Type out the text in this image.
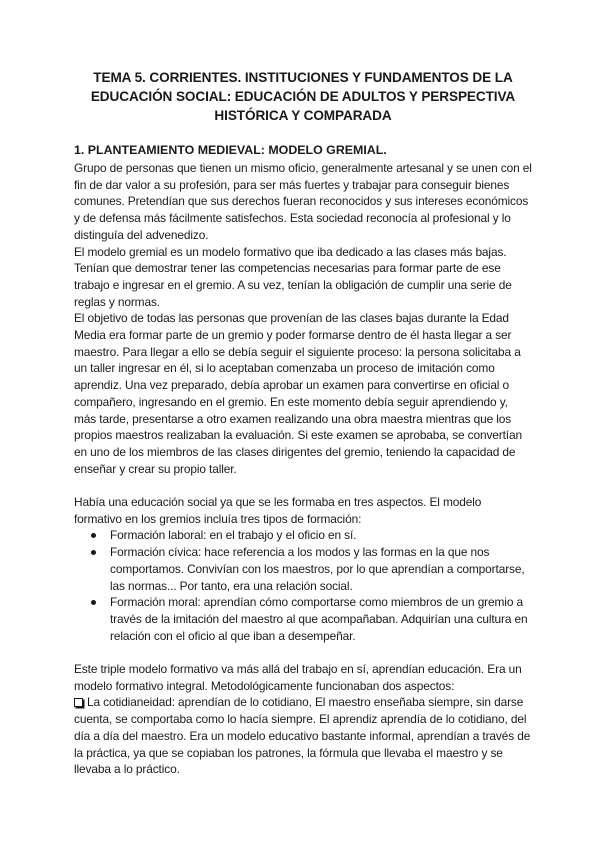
TEMA 5. CORRIENTES. INSTITUCIONES Y FUNDAMENTOS DE LA EDUCACIÓN SOCIAL: EDUCACIÓN DE ADULTOS Y PERSPECTIVA HISTÓRICA Y COMPARADA
1. PLANTEAMIENTO MEDIEVAL: MODELO GREMIAL.

Grupo de personas que tienen un mismo oficio, generalmente artesanal y se unen con el fin de dar valor a su profesión, para ser más fuertes y trabajar para conseguir bienes comunes. Pretendían que sus derechos fueran reconocidos y sus intereses económicos y de defensa más fácilmente satisfechos. Esta sociedad reconocía al profesional y lo distinguía del advenedizo.

El modelo gremial es un modelo formativo que iba dedicado a las clases más bajas. Tenían que demostrar tener las competencias necesarias para formar parte de ese trabajo e ingresar en el gremio. A su vez, tenían la obligación de cumplir una serie de reglas y normas.

El objetivo de todas las personas que provenían de las clases bajas durante la Edad Media era formar parte de un gremio y poder formarse dentro de él hasta llegar a ser maestro. Para llegar a ello se debía seguir el siguiente proceso: la persona solicitaba a un taller ingresar en él, si lo aceptaban comenzaba un proceso de imitación como aprendiz. Una vez preparado, debía aprobar un examen para convertirse en oficial o compañero, ingresando en el gremio. En este momento debía seguir aprendiendo y, más tarde, presentarse a otro examen realizando una obra maestra mientras que los propios maestros realizaban la evaluación. Si este examen se aprobaba, se convertían en uno de los miembros de las clases dirigentes del gremio, teniendo la capacidad de enseñar y crear su propio taller.

Había una educación social ya que se les formaba en tres aspectos. El modelo formativo en los gremios incluía tres tipos de formación:

Formación laboral: en el trabajo y el oficio en sí.
Formación cívica: hace referencia a los modos y las formas en la que nos comportamos. Convivían con los maestros, por lo que aprendían a comportarse, las normas... Por tanto, era una relación social.
Formación moral: aprendían cómo comportarse como miembros de un gremio a través de la imitación del maestro al que acompañaban. Adquirían una cultura en relación con el oficio al que iban a desempeñar.

Este triple modelo formativo va más allá del trabajo en sí, aprendían educación. Era un modelo formativo integral. Metodológicamente funcionaban dos aspectos:

La cotidianeidad: aprendían de lo cotidiano, El maestro enseñaba siempre, sin darse cuenta, se comportaba como lo hacía siempre. El aprendiz aprendía de lo cotidiano, del día a día del maestro. Era un modelo educativo bastante informal, aprendían a través de la práctica, ya que se copiaban los patrones, la fórmula que llevaba el maestro y se llevaba a lo práctico.
